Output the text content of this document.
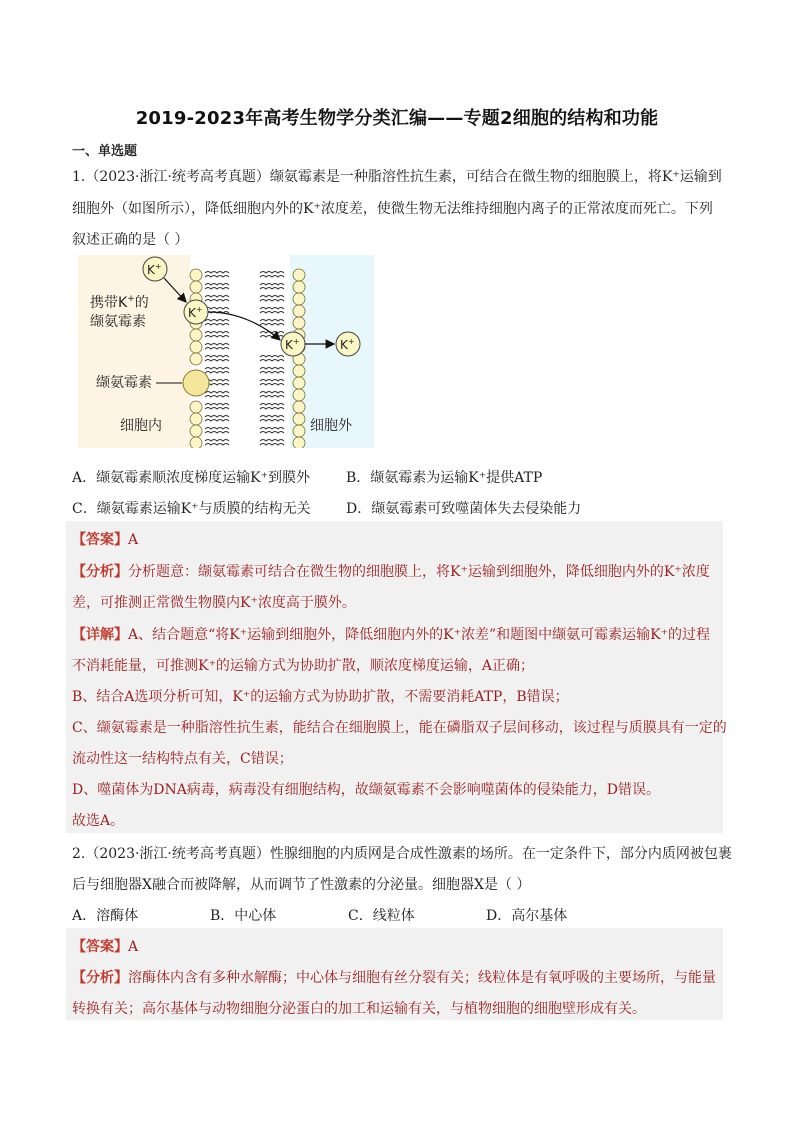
2019-2023年高考生物学分类汇编——专题2细胞的结构和功能
一、单选题
1.（2023·浙江·统考高考真题）缬氨霉素是一种脂溶性抗生素，可结合在微生物的细胞膜上，将K⁺运输到
细胞外（如图所示），降低细胞内外的K⁺浓度差，使微生物无法维持细胞内离子的正常浓度而死亡。下列
叙述正确的是（ ）
K+
K+
K+	K+
携带K+的
缬氨霉素
缬氨霉素
细胞内	细胞外
A．缬氨霉素顺浓度梯度运输K⁺到膜外	B．缬氨霉素为运输K⁺提供ATP
C．缬氨霉素运输K⁺与质膜的结构无关	D．缬氨霉素可致噬菌体失去侵染能力
【答案】A
【分析】分析题意：缬氨霉素可结合在微生物的细胞膜上，将K⁺运输到细胞外，降低细胞内外的K⁺浓度
差，可推测正常微生物膜内K⁺浓度高于膜外。
【详解】A、结合题意“将K⁺运输到细胞外，降低细胞内外的K⁺浓差”和题图中缬氨可霉素运输K⁺的过程
不消耗能量，可推测K⁺的运输方式为协助扩散，顺浓度梯度运输，A正确；
B、结合A选项分析可知，K⁺的运输方式为协助扩散，不需要消耗ATP，B错误；
C、缬氨霉素是一种脂溶性抗生素，能结合在细胞膜上，能在磷脂双子层间移动，该过程与质膜具有一定的
流动性这一结构特点有关，C错误；
D、噬菌体为DNA病毒，病毒没有细胞结构，故缬氨霉素不会影响噬菌体的侵染能力，D错误。
故选A。
2.（2023·浙江·统考高考真题）性腺细胞的内质网是合成性激素的场所。在一定条件下，部分内质网被包裹
后与细胞器X融合而被降解，从而调节了性激素的分泌量。细胞器X是（ ）
A．溶酶体	B．中心体	C．线粒体	D．高尔基体
【答案】A
【分析】溶酶体内含有多种水解酶；中心体与细胞有丝分裂有关；线粒体是有氧呼吸的主要场所，与能量
转换有关；高尔基体与动物细胞分泌蛋白的加工和运输有关，与植物细胞的细胞壁形成有关。
